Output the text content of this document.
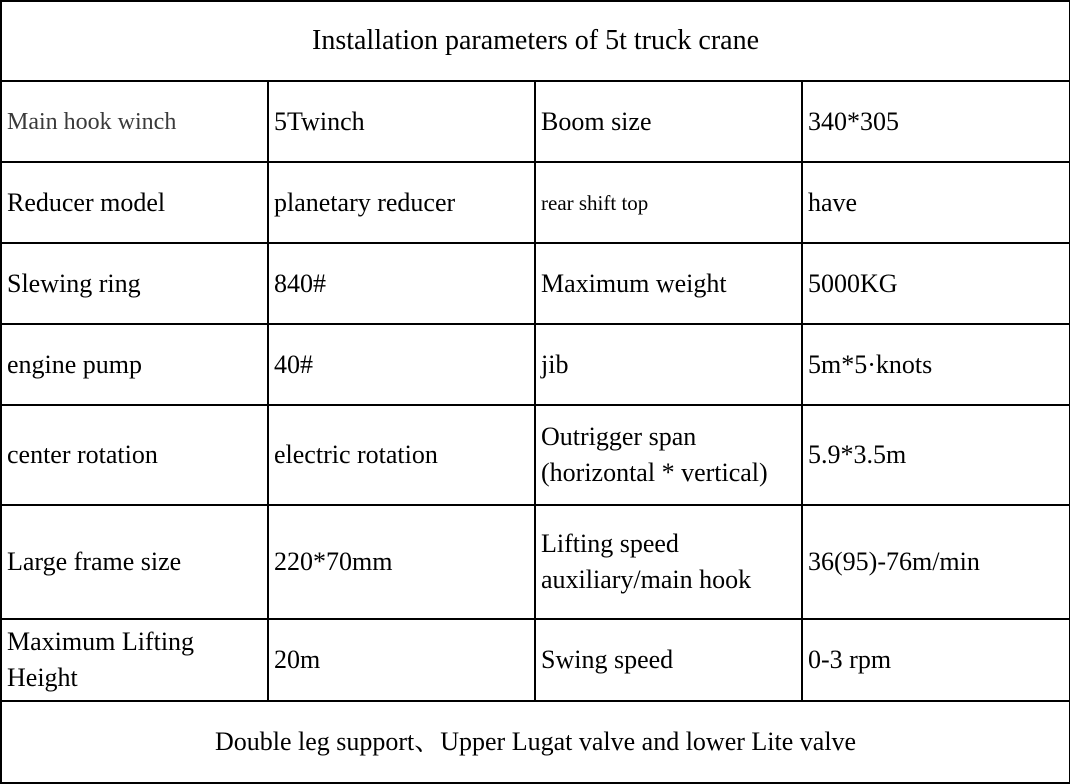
Installation parameters of 5t truck crane			
Main hook winch	5Twinch	Boom size	340*305
Reducer model	planetary reducer	rear shift top	have
Slewing ring	840#	Maximum weight	5000KG
engine pump	40#	jib	5m*5·knots
center rotation	electric rotation	Outrigger span (horizontal * vertical)	5.9*3.5m
Large frame size	220*70mm	Lifting speed auxiliary/main hook	36(95)-76m/min
Maximum Lifting Height	20m	Swing speed	0-3 rpm
Double leg support、Upper Lugat valve and lower Lite valve			
